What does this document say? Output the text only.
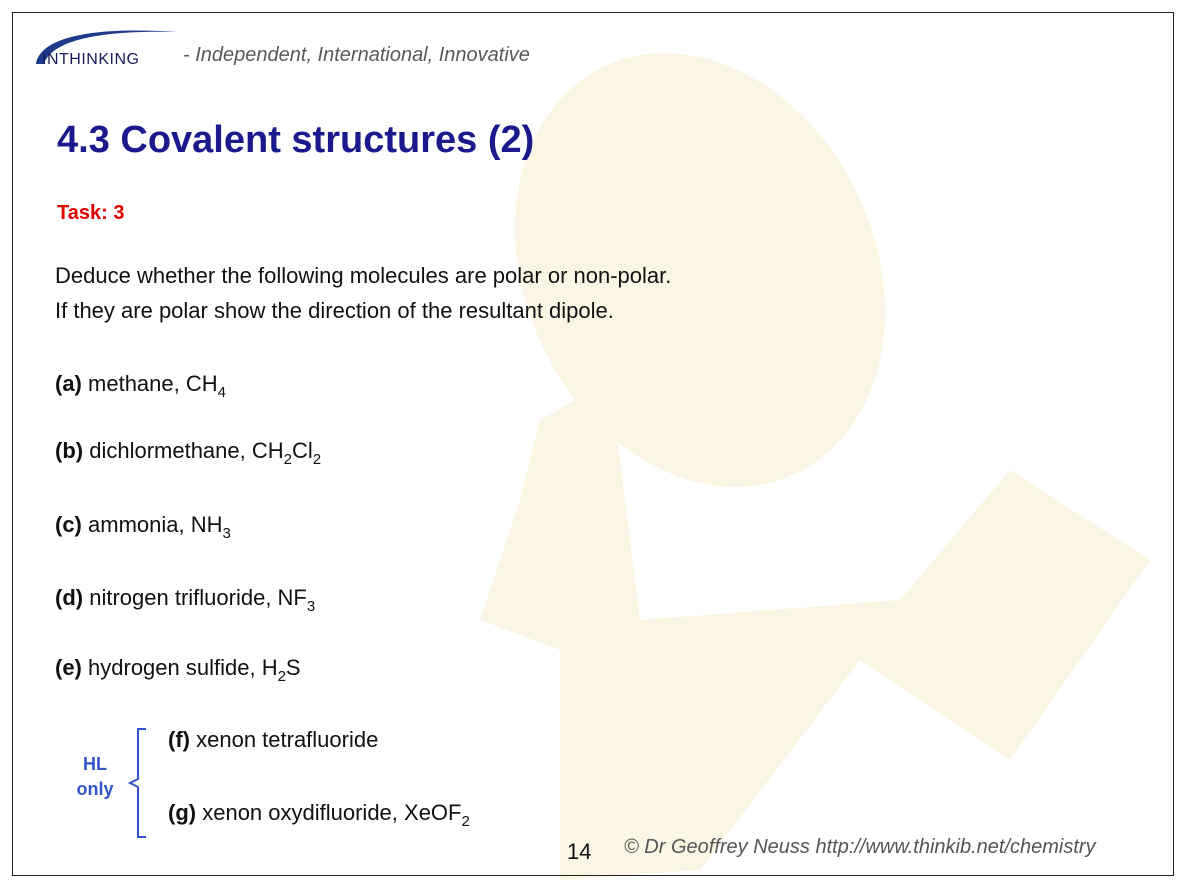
INTHINKING - Independent, International, Innovative
4.3 Covalent structures (2)
Task: 3
Deduce whether the following molecules are polar or non-polar.
If they are polar show the direction of the resultant dipole.
(a) methane, $CH_4$
(b) dichlormethane, $CH_2Cl_2$
(c) ammonia, $NH_3$
(d) nitrogen trifluoride, $NF_3$
(e) hydrogen sulfide, $H_2S$
(f) xenon tetrafluoride
(g) xenon oxydifluoride, XeOF$_2$
HL
only
14 © Dr Geoffrey Neuss http://www.thinkib.net/chemistry
